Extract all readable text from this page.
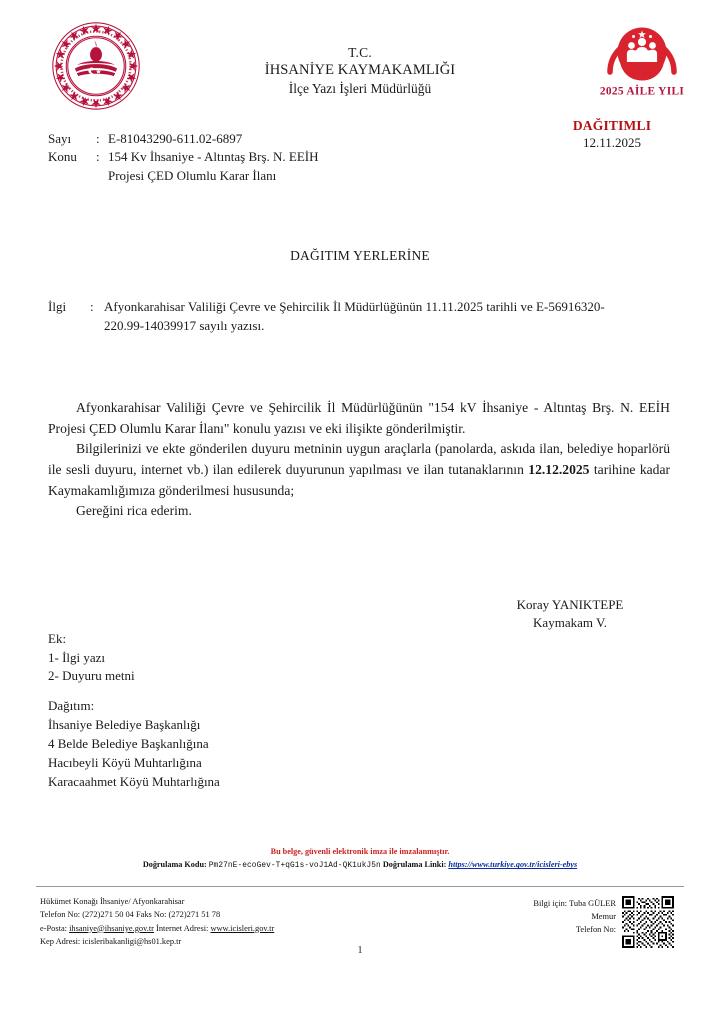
2025 AİLE YILI
T.C.
İHSANİYE KAYMAKAMLIĞI
İlçe Yazı İşleri Müdürlüğü
Sayı	: E-81043290-611.02-6897
Konu	: 154 Kv İhsaniye - Altıntaş Brş. N. EEİH
Projesi ÇED Olumlu Karar İlanı
DAĞITIMLI
12.11.2025
DAĞITIM YERLERİNE
İlgi	: Afyonkarahisar Valiliği Çevre ve Şehircilik İl Müdürlüğünün 11.11.2025 tarihli ve E-56916320-
220.99-14039917 sayılı yazısı.

Afyonkarahisar Valiliği Çevre ve Şehircilik İl Müdürlüğünün "154 kV İhsaniye - Altıntaş Brş. N. EEİH Projesi ÇED Olumlu Karar İlanı" konulu yazısı ve eki ilişikte gönderilmiştir.

Bilgilerinizi ve ekte gönderilen duyuru metninin uygun araçlarla (panolarda, askıda ilan, belediye hoparlörü ile sesli duyuru, internet vb.) ilan edilerek duyurunun yapılması ve ilan tutanaklarının 12.12.2025 tarihine kadar Kaymakamlığımıza gönderilmesi hususunda;

Gereğini rica ederim.

Koray YANIKTEPE
Kaymakam V.
Ek:
1- İlgi yazı
2- Duyuru metni
Dağıtım:
İhsaniye Belediye Başkanlığı
4 Belde Belediye Başkanlığına
Hacıbeyli Köyü Muhtarlığına
Karacaahmet Köyü Muhtarlığına
Bu belge, güvenli elektronik imza ile imzalanmıştır.
Doğrulama Kodu: Pm27nE-ecoGev-T+qG1s-voJ1Ad-QK1ukJ5n Doğrulama Linki: https://www.turkiye.gov.tr/icisleri-ebys
Hükümet Konağı İhsaniye/ Afyonkarahisar
Telefon No: (272)271 50 04 Faks No: (272)271 51 78
e-Posta: ihsaniye@ihsaniye.gov.tr İnternet Adresi: www.icisleri.gov.tr
Kep Adresi: icisleribakanligi@hs01.kep.tr
Bilgi için: Tuba GÜLER
Memur
Telefon No:
1
